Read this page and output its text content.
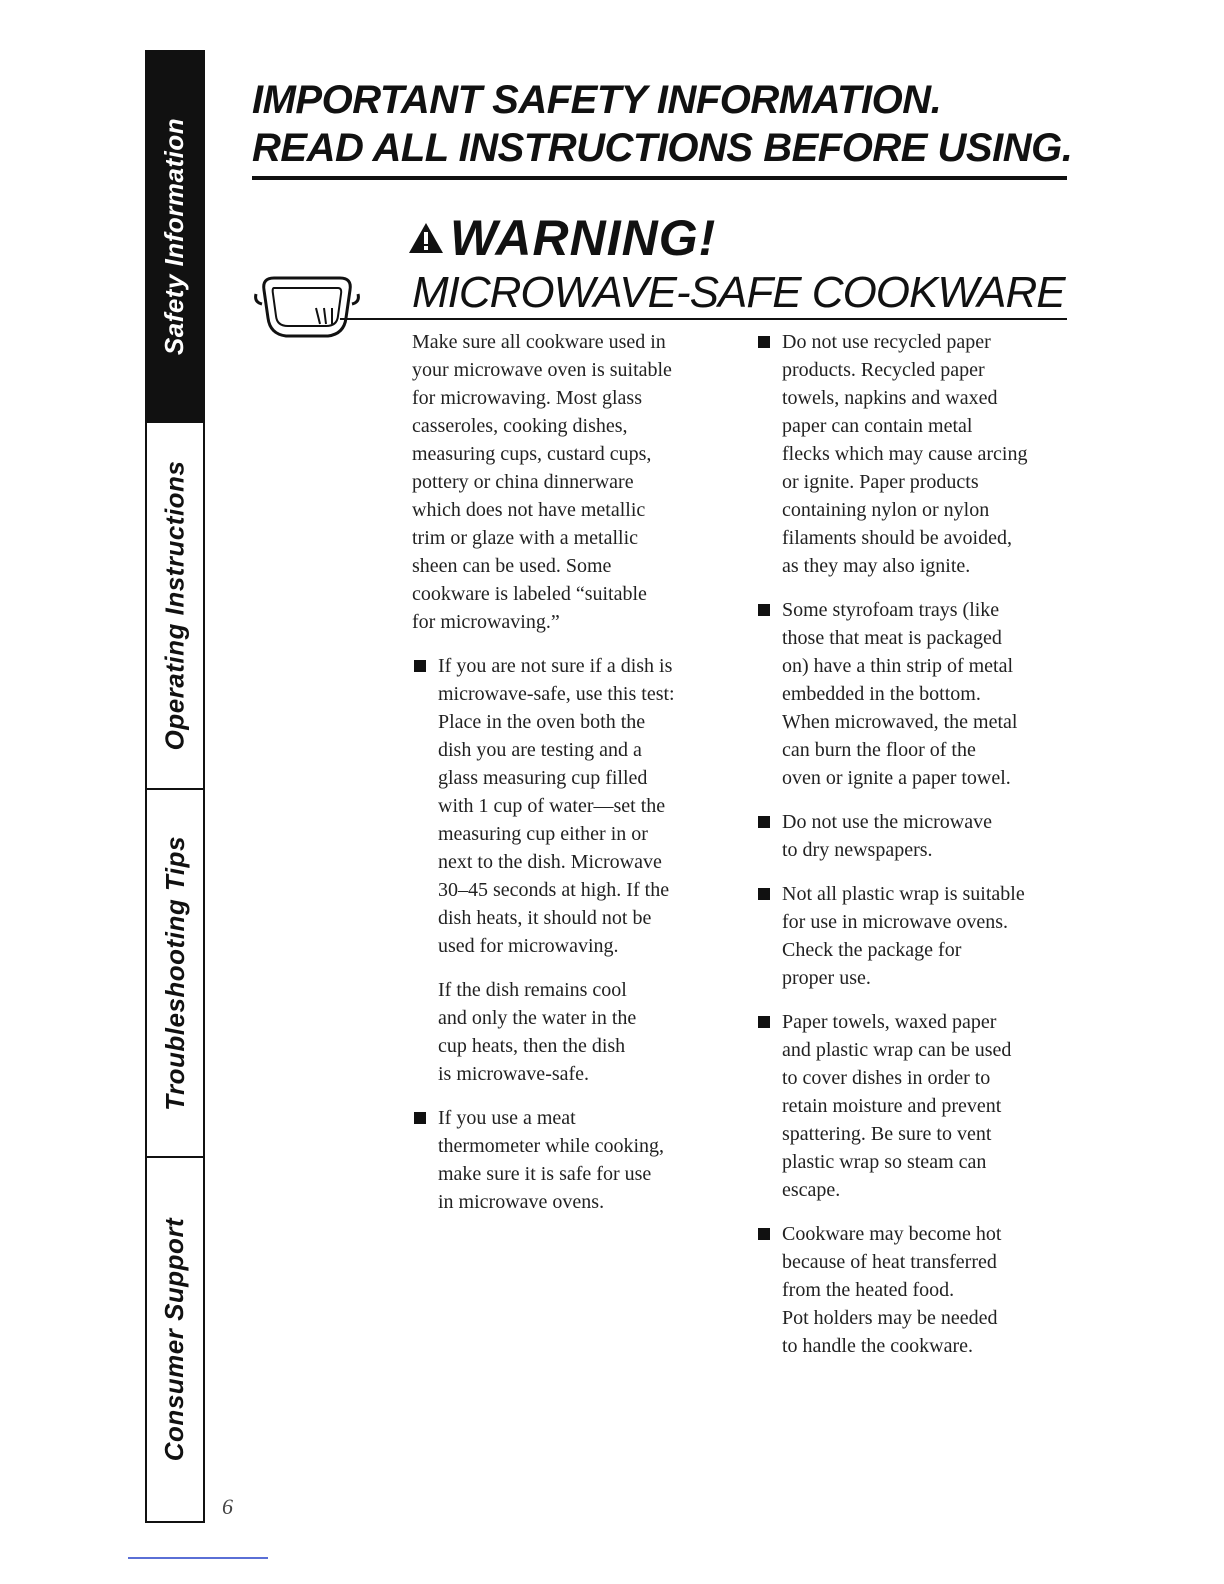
Safety Information
Operating Instructions
Troubleshooting Tips
Consumer Support
IMPORTANT SAFETY INFORMATION.
READ ALL INSTRUCTIONS BEFORE USING.
WARNING!
MICROWAVE-SAFE COOKWARE
Make sure all cookware used in
your microwave oven is suitable
for microwaving. Most glass
casseroles, cooking dishes,
measuring cups, custard cups,
pottery or china dinnerware
which does not have metallic
trim or glaze with a metallic
sheen can be used. Some
cookware is labeled “suitable
for microwaving.”
If you are not sure if a dish is
microwave-safe, use this test:
Place in the oven both the
dish you are testing and a
glass measuring cup filled
with 1 cup of water—set the
measuring cup either in or
next to the dish. Microwave
30–45 seconds at high. If the
dish heats, it should not be
used for microwaving.
If the dish remains cool
and only the water in the
cup heats, then the dish
is microwave-safe.
If you use a meat
thermometer while cooking,
make sure it is safe for use
in microwave ovens.
Do not use recycled paper
products. Recycled paper
towels, napkins and waxed
paper can contain metal
flecks which may cause arcing
or ignite. Paper products
containing nylon or nylon
filaments should be avoided,
as they may also ignite.
Some styrofoam trays (like
those that meat is packaged
on) have a thin strip of metal
embedded in the bottom.
When microwaved, the metal
can burn the floor of the
oven or ignite a paper towel.
Do not use the microwave
to dry newspapers.
Not all plastic wrap is suitable
for use in microwave ovens.
Check the package for
proper use.
Paper towels, waxed paper
and plastic wrap can be used
to cover dishes in order to
retain moisture and prevent
spattering. Be sure to vent
plastic wrap so steam can
escape.
Cookware may become hot
because of heat transferred
from the heated food.
Pot holders may be needed
to handle the cookware.
6
